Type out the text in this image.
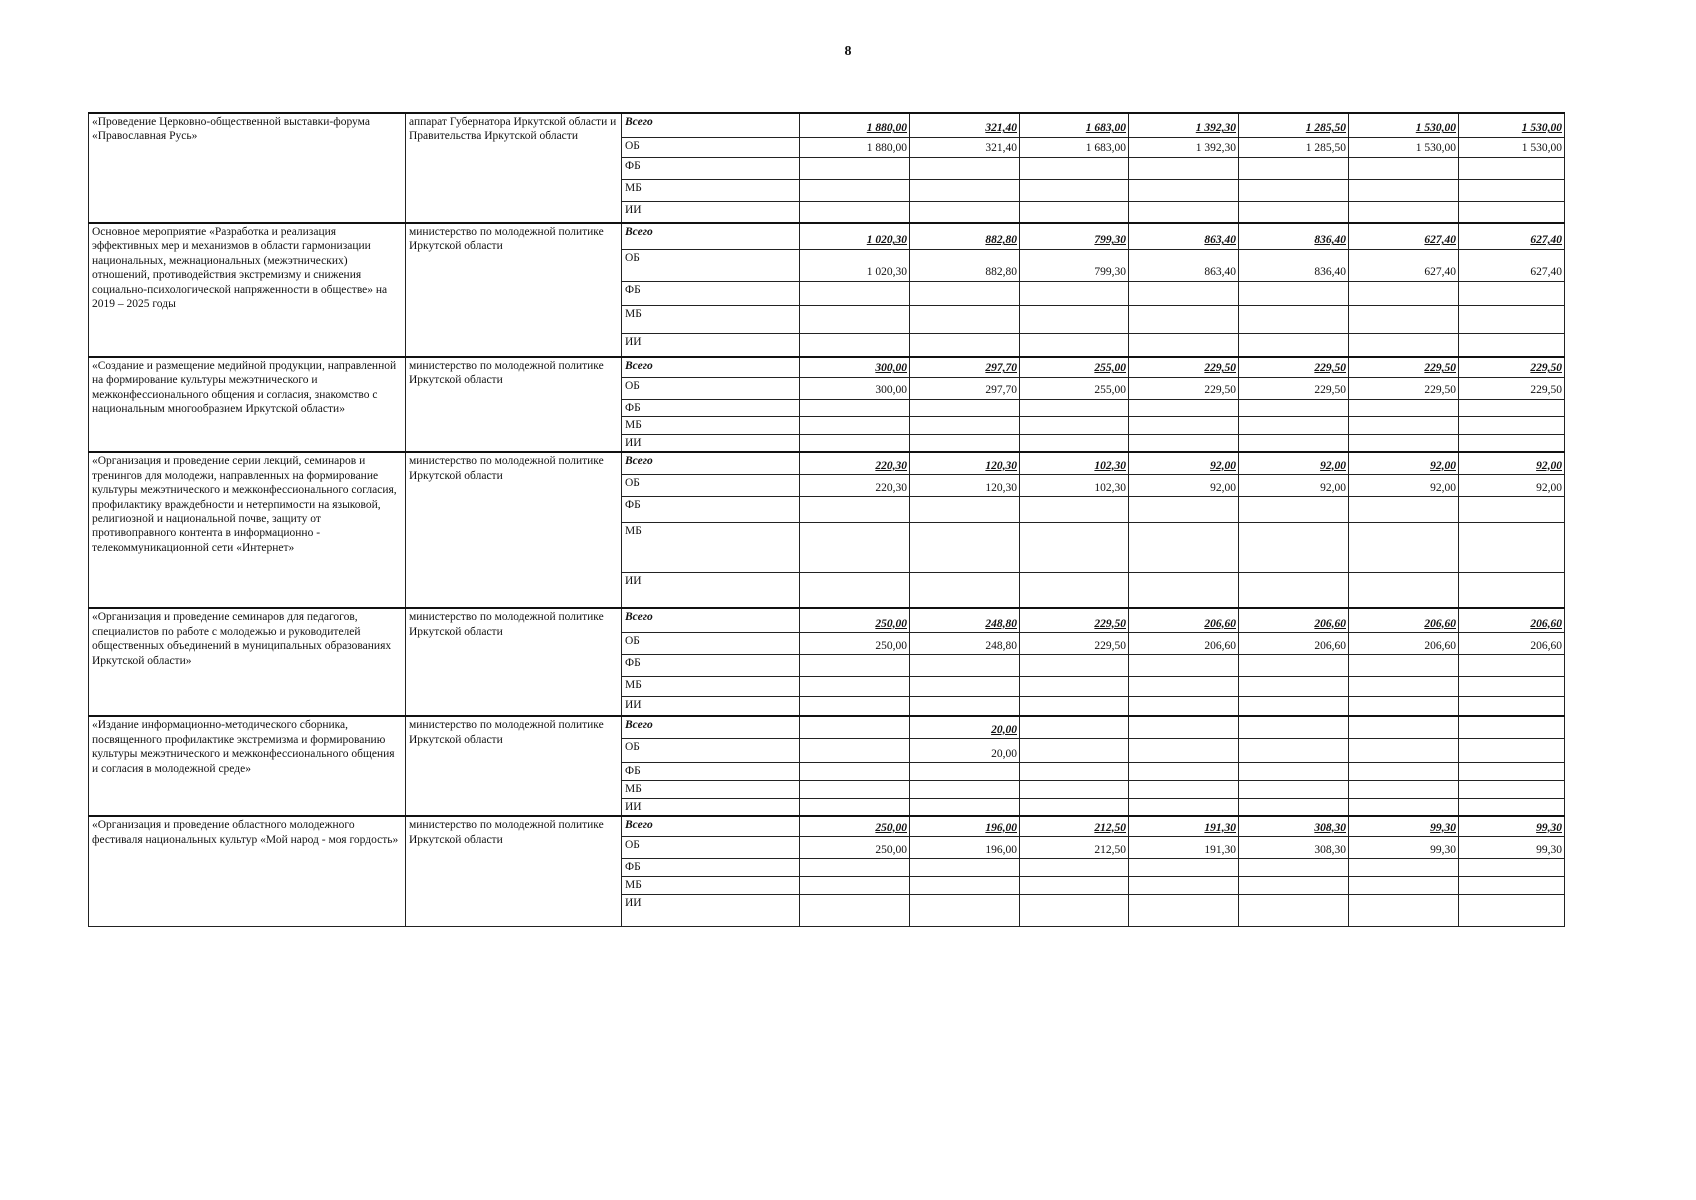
8
«Проведение Церковно-общественной выставки-форума «Православная Русь»	аппарат Губернатора Иркутской области и Правительства Иркутской области	Всего	1 880,00	321,40	1 683,00	1 392,30	1 285,50	1 530,00	1 530,00
		ОБ	1 880,00	321,40	1 683,00	1 392,30	1 285,50	1 530,00	1 530,00
		ФБ							
		МБ							
		ИИ							
Основное мероприятие «Разработка и реализация эффективных мер и механизмов в области гармонизации национальных, межнациональных (межэтнических) отношений, противодействия экстремизму и снижения социально-психологической напряженности в обществе» на 2019 – 2025 годы	министерство по молодежной политике Иркутской области	Всего	1 020,30	882,80	799,30	863,40	836,40	627,40	627,40
		ОБ	1 020,30	882,80	799,30	863,40	836,40	627,40	627,40
		ФБ							
		МБ							
		ИИ							
«Создание и размещение медийной продукции, направленной на формирование культуры межэтнического и межконфессионального общения и согласия, знакомство с национальным многообразием Иркутской области»	министерство по молодежной политике Иркутской области	Всего	300,00	297,70	255,00	229,50	229,50	229,50	229,50
		ОБ	300,00	297,70	255,00	229,50	229,50	229,50	229,50
		ФБ							
		МБ							
		ИИ							
«Организация и проведение серии лекций, семинаров и тренингов для молодежи, направленных на формирование культуры межэтнического и межконфессионального согласия, профилактику враждебности и нетерпимости на языковой, религиозной и национальной почве, защиту от противоправного контента в информационно - телекоммуникационной сети «Интернет»	министерство по молодежной политике Иркутской области	Всего	220,30	120,30	102,30	92,00	92,00	92,00	92,00
		ОБ	220,30	120,30	102,30	92,00	92,00	92,00	92,00
		ФБ							
		МБ							
		ИИ							
«Организация и проведение семинаров для педагогов, специалистов по работе с молодежью и руководителей общественных объединений в муниципальных образованиях Иркутской области»	министерство по молодежной политике Иркутской области	Всего	250,00	248,80	229,50	206,60	206,60	206,60	206,60
		ОБ	250,00	248,80	229,50	206,60	206,60	206,60	206,60
		ФБ							
		МБ							
		ИИ							
«Издание информационно-методического сборника, посвященного профилактике экстремизма и формированию культуры межэтнического и межконфессионального общения и согласия в молодежной среде»	министерство по молодежной политике Иркутской области	Всего		20,00					
		ОБ		20,00					
		ФБ							
		МБ							
		ИИ							
«Организация и проведение областного молодежного фестиваля национальных культур «Мой народ - моя гордость»	министерство по молодежной политике Иркутской области	Всего	250,00	196,00	212,50	191,30	308,30	99,30	99,30
		ОБ	250,00	196,00	212,50	191,30	308,30	99,30	99,30
		ФБ							
		МБ							
		ИИ							
